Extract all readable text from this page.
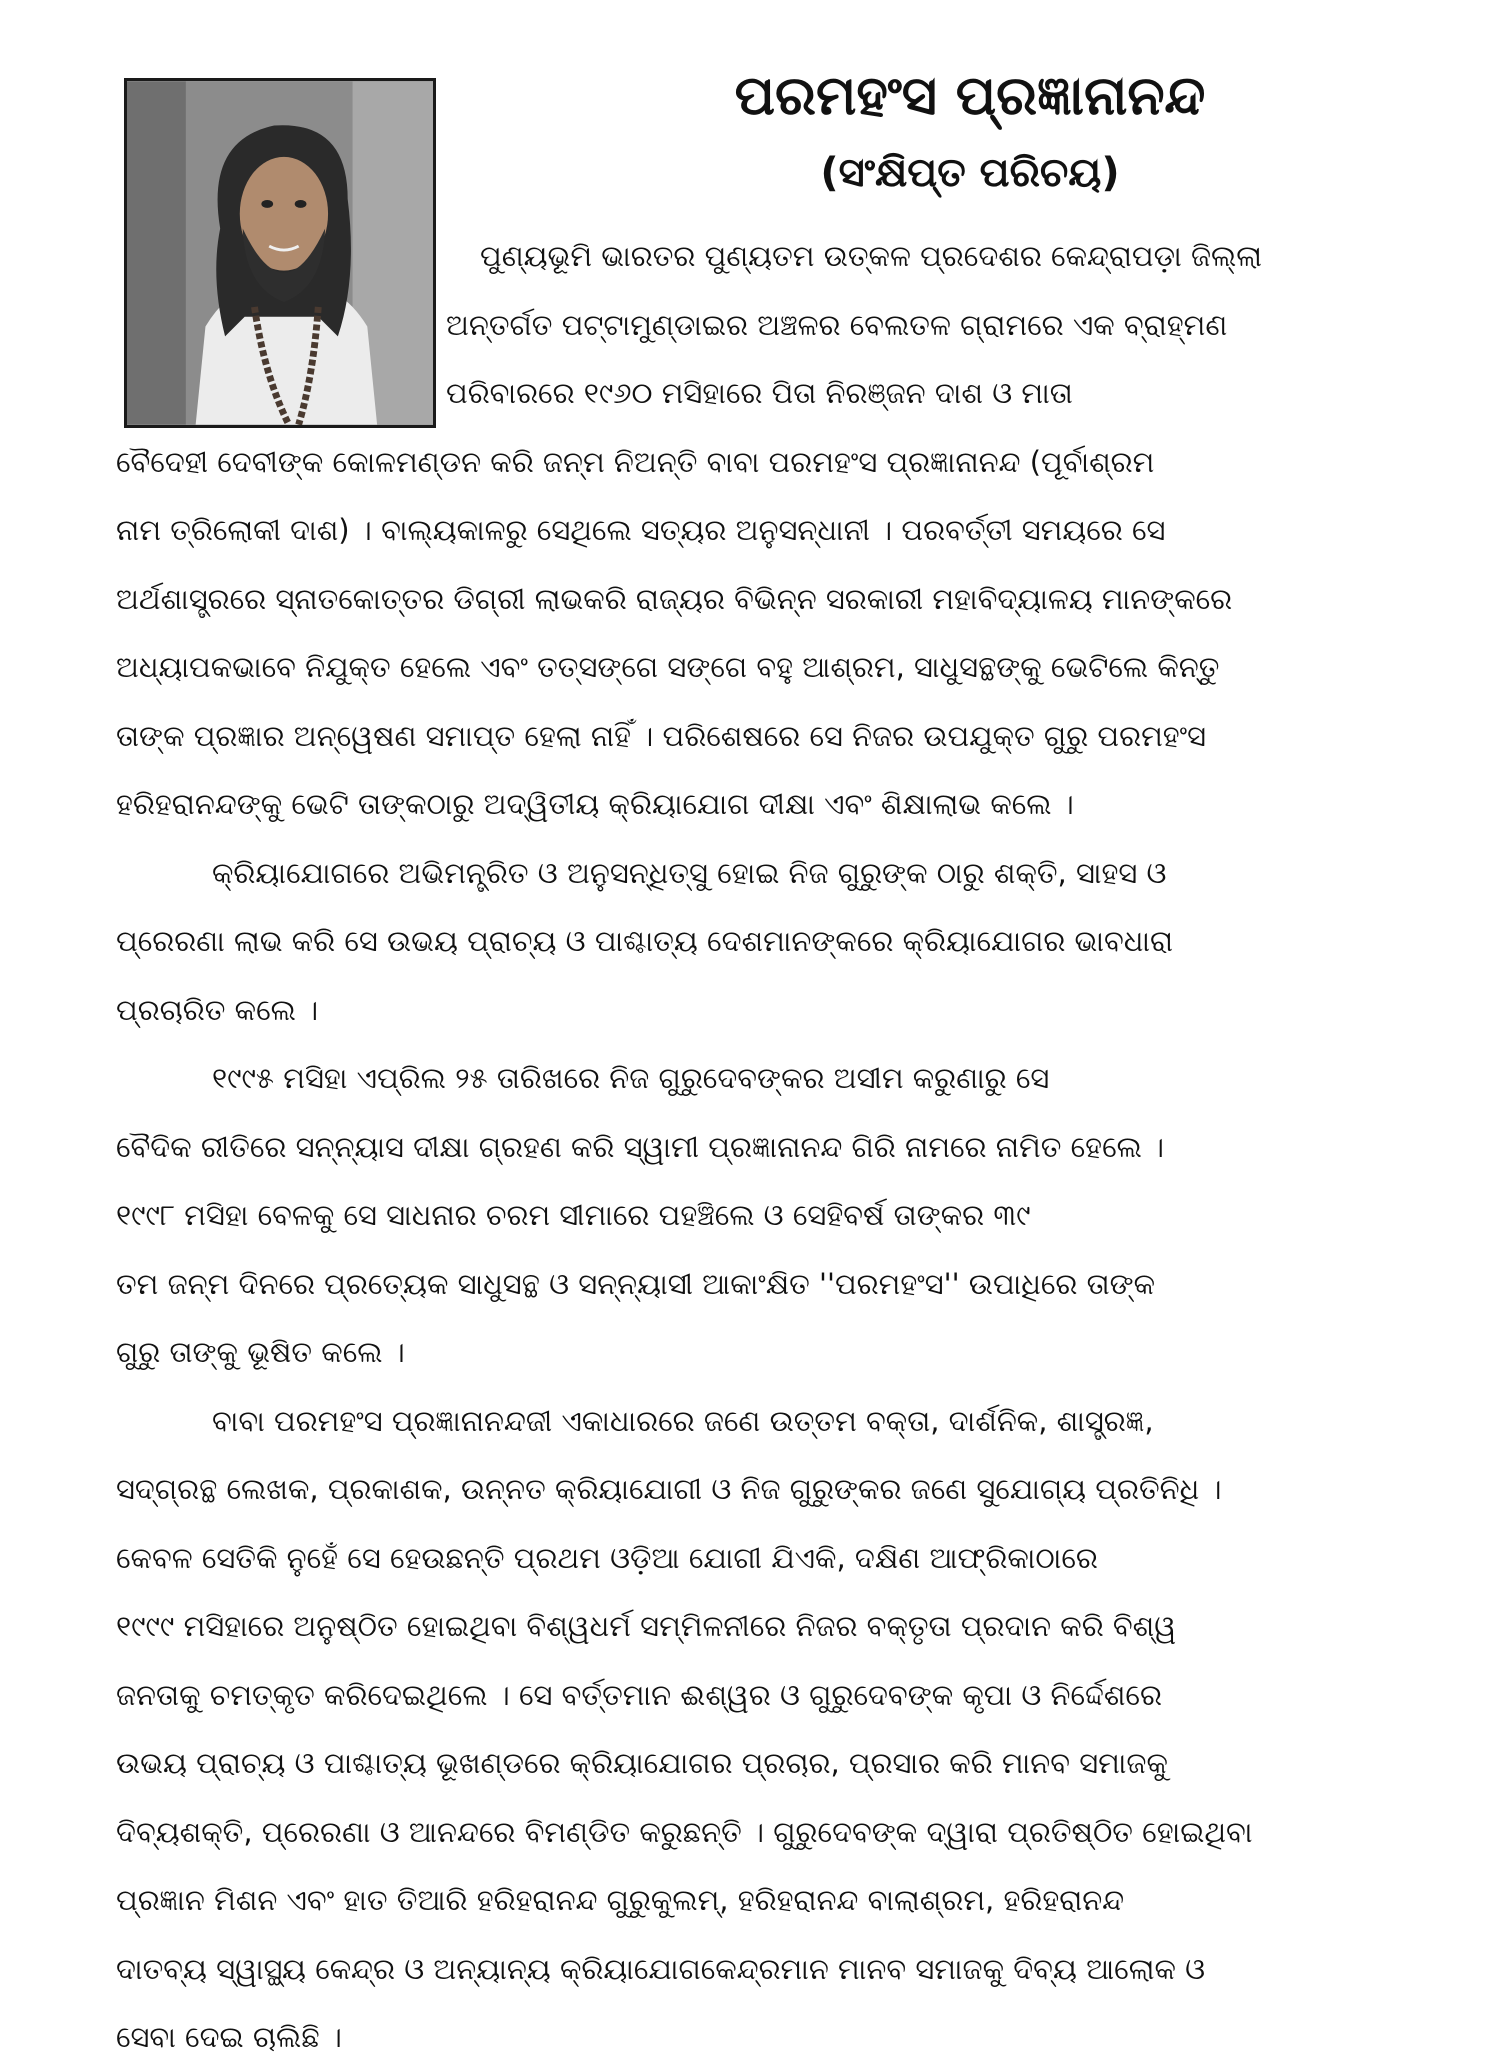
ପରମହଂସ ପ୍ରଜ୍ଞାନାନନ୍ଦ
(ସଂକ୍ଷିପ୍ତ ପରିଚୟ)
ପୁଣ୍ୟଭୂମି ଭାରତର ପୁଣ୍ୟତମ ଉତ୍କଳ ପ୍ରଦେଶର କେନ୍ଦ୍ରାପଡ଼ା ଜିଲ୍ଲା
ଅନ୍ତର୍ଗତ ପଟ୍ଟାମୁଣ୍ଡାଇର ଅଞ୍ଚଳର ବେଲତଳ ଗ୍ରାମରେ ଏକ ବ୍ରାହ୍ମଣ
ପରିବାରରେ ୧୯୬୦ ମସିହାରେ ପିତା ନିରଞ୍ଜନ ଦାଶ ଓ ମାତା
ବୈଦେହୀ ଦେବୀଙ୍କ କୋଳମଣ୍ଡନ କରି ଜନ୍ମ ନିଅନ୍ତି ବାବା ପରମହଂସ ପ୍ରଜ୍ଞାନାନନ୍ଦ (ପୂର୍ବାଶ୍ରମ
ନାମ ତ୍ରିଲୋକୀ ଦାଶ) । ବାଲ୍ୟକାଳରୁ ସେଥିଲେ ସତ୍ୟର ଅନୁସନ୍ଧାନୀ । ପରବର୍ତ୍ତୀ ସମୟରେ ସେ
ଅର୍ଥଶାସ୍ତ୍ରରେ ସ୍ନାତକୋତ୍ତର ଡିଗ୍ରୀ ଲାଭକରି ରାଜ୍ୟର ବିଭିନ୍ନ ସରକାରୀ ମହାବିଦ୍ୟାଳୟ ମାନଙ୍କରେ
ଅଧ୍ୟାପକଭାବେ ନିଯୁକ୍ତ ହେଲେ ଏବଂ ତତ୍‌ସଙ୍ଗେ ସଙ୍ଗେ ବହୁ ଆଶ୍ରମ, ସାଧୁସନ୍ଥଙ୍କୁ ଭେଟିଲେ କିନ୍ତୁ
ତାଙ୍କ ପ୍ରଜ୍ଞାର ଅନ୍ୱେଷଣ ସମାପ୍ତ ହେଲା ନାହିଁ । ପରିଶେଷରେ ସେ ନିଜର ଉପଯୁକ୍ତ ଗୁରୁ ପରମହଂସ
ହରିହରାନନ୍ଦଙ୍କୁ ଭେଟି ତାଙ୍କଠାରୁ ଅଦ୍ୱିତୀୟ କ୍ରିୟାଯୋଗ ଦୀକ୍ଷା ଏବଂ ଶିକ୍ଷାଲାଭ କଲେ ।
କ୍ରିୟାଯୋଗରେ ଅଭିମନ୍ତ୍ରିତ ଓ ଅନୁସନ୍ଧିତ୍ସୁ ହୋଇ ନିଜ ଗୁରୁଙ୍କ ଠାରୁ ଶକ୍ତି, ସାହସ ଓ
ପ୍ରେରଣା ଲାଭ କରି ସେ ଉଭୟ ପ୍ରାଚ୍ୟ ଓ ପାଶ୍ଚାତ୍ୟ ଦେଶମାନଙ୍କରେ କ୍ରିୟାଯୋଗର ଭାବଧାରା
ପ୍ରଚାରିତ କଲେ ।
୧୯୯୫ ମସିହା ଏପ୍ରିଲ ୨୫ ତାରିଖରେ ନିଜ ଗୁରୁଦେବଙ୍କର ଅସୀମ କରୁଣାରୁ ସେ
ବୈଦିକ ରୀତିରେ ସନ୍ନ୍ୟାସ ଦୀକ୍ଷା ଗ୍ରହଣ କରି ସ୍ୱାମୀ ପ୍ରଜ୍ଞାନାନନ୍ଦ ଗିରି ନାମରେ ନାମିତ ହେଲେ ।
୧୯୯୮ ମସିହା ବେଳକୁ ସେ ସାଧନାର ଚରମ ସୀମାରେ ପହଞ୍ଚିଲେ ଓ ସେହିବର୍ଷ ତାଙ୍କର ୩୯
ତମ ଜନ୍ମ ଦିନରେ ପ୍ରତ୍ୟେକ ସାଧୁସନ୍ଥ ଓ ସନ୍ନ୍ୟାସୀ ଆକାଂକ୍ଷିତ ''ପରମହଂସ'' ଉପାଧିରେ ତାଙ୍କ
ଗୁରୁ ତାଙ୍କୁ ଭୂଷିତ କଲେ ।
ବାବା ପରମହଂସ ପ୍ରଜ୍ଞାନାନନ୍ଦଜୀ ଏକାଧାରରେ ଜଣେ ଉତ୍ତମ ବକ୍ତା, ଦାର୍ଶନିକ, ଶାସ୍ତ୍ରଜ୍ଞ,
ସଦ୍‌ଗ୍ରନ୍ଥ ଲେଖକ, ପ୍ରକାଶକ, ଉନ୍ନତ କ୍ରିୟାଯୋଗୀ ଓ ନିଜ ଗୁରୁଙ୍କର ଜଣେ ସୁଯୋଗ୍ୟ ପ୍ରତିନିଧି ।
କେବଳ ସେତିକି ନୁହେଁ ସେ ହେଉଛନ୍ତି ପ୍ରଥମ ଓଡ଼ିଆ ଯୋଗୀ ଯିଏକି, ଦକ୍ଷିଣ ଆଫ୍ରିକାଠାରେ
୧୯୯୯ ମସିହାରେ ଅନୁଷ୍ଠିତ ହୋଇଥିବା ବିଶ୍ୱଧର୍ମ ସମ୍ମିଳନୀରେ ନିଜର ବକ୍ତୃତା ପ୍ରଦାନ କରି ବିଶ୍ୱ
ଜନତାକୁ ଚମତ୍କୃତ କରିଦେଇଥିଲେ । ସେ ବର୍ତ୍ତମାନ ଈଶ୍ୱର ଓ ଗୁରୁଦେବଙ୍କ କୃପା ଓ ନିର୍ଦ୍ଦେଶରେ
ଉଭୟ ପ୍ରାଚ୍ୟ ଓ ପାଶ୍ଚାତ୍ୟ ଭୂଖଣ୍ଡରେ କ୍ରିୟାଯୋଗର ପ୍ରଚାର, ପ୍ରସାର କରି ମାନବ ସମାଜକୁ
ଦିବ୍ୟଶକ୍ତି, ପ୍ରେରଣା ଓ ଆନନ୍ଦରେ ବିମଣ୍ଡିତ କରୁଛନ୍ତି । ଗୁରୁଦେବଙ୍କ ଦ୍ୱାରା ପ୍ରତିଷ୍ଠିତ ହୋଇଥିବା
ପ୍ରଜ୍ଞାନ ମିଶନ ଏବଂ ହାତ ତିଆରି ହରିହରାନନ୍ଦ ଗୁରୁକୁଲମ୍, ହରିହରାନନ୍ଦ ବାଲାଶ୍ରମ, ହରିହରାନନ୍ଦ
ଦାତବ୍ୟ ସ୍ୱାସ୍ଥ୍ୟ କେନ୍ଦ୍ର ଓ ଅନ୍ୟାନ୍ୟ କ୍ରିୟାଯୋଗକେନ୍ଦ୍ରମାନ ମାନବ ସମାଜକୁ ଦିବ୍ୟ ଆଲୋକ ଓ
ସେବା ଦେଇ ଚାଲିଛି ।
